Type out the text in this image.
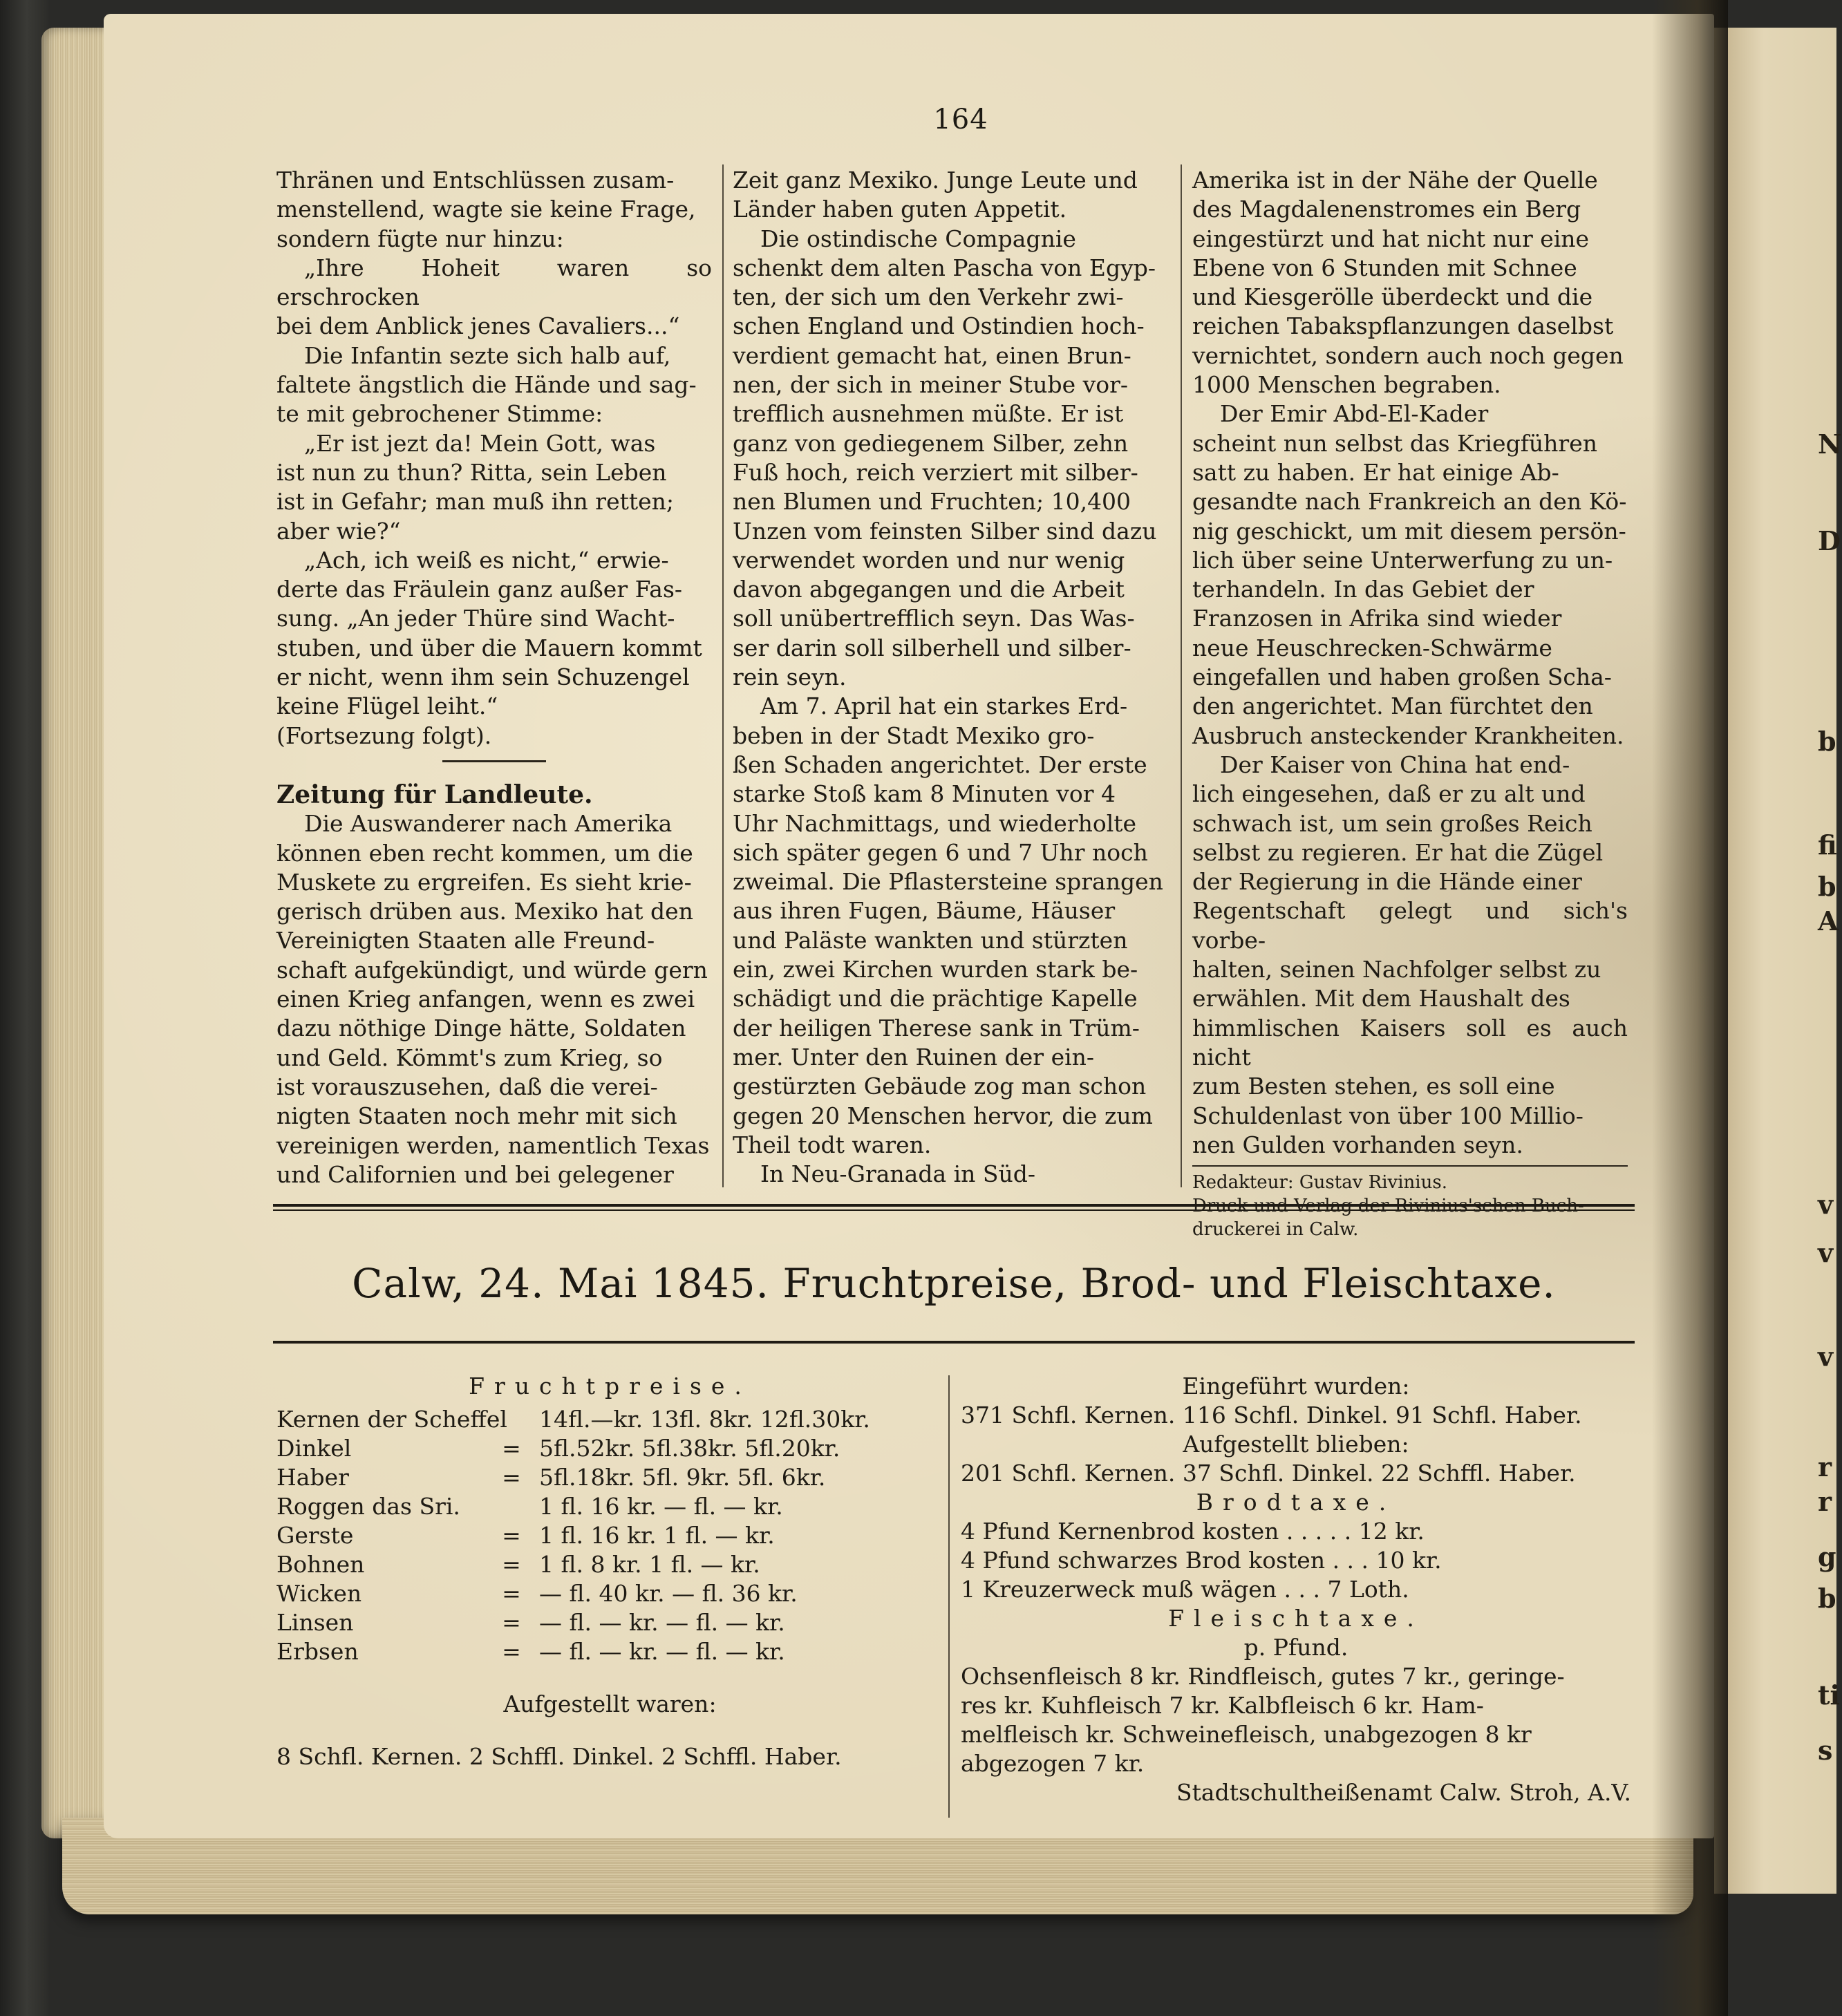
N
D
b
fi
b
A
v
v
v
r
r
g
b
ti
s
164

Thränen und Entschlüssen zusam-

menstellend, wagte sie keine Frage,

sondern fügte nur hinzu:

„Ihre Hoheit waren so erschrocken

bei dem Anblick jenes Cavaliers...“

Die Infantin sezte sich halb auf,

faltete ängstlich die Hände und sag-

te mit gebrochener Stimme:

„Er ist jezt da! Mein Gott, was

ist nun zu thun? Ritta, sein Leben

ist in Gefahr; man muß ihn retten;

aber wie?“

„Ach, ich weiß es nicht,“ erwie-

derte das Fräulein ganz außer Fas-

sung. „An jeder Thüre sind Wacht-

stuben, und über die Mauern kommt

er nicht, wenn ihm sein Schuzengel

keine Flügel leiht.“

(Fortsezung folgt).

Zeitung für Landleute.

Die Auswanderer nach Amerika

können eben recht kommen, um die

Muskete zu ergreifen. Es sieht krie-

gerisch drüben aus. Mexiko hat den

Vereinigten Staaten alle Freund-

schaft aufgekündigt, und würde gern

einen Krieg anfangen, wenn es zwei

dazu nöthige Dinge hätte, Soldaten

und Geld. Kömmt's zum Krieg, so

ist vorauszusehen, daß die verei-

nigten Staaten noch mehr mit sich

vereinigen werden, namentlich Texas

und Californien und bei gelegener

Zeit ganz Mexiko. Junge Leute und

Länder haben guten Appetit.

Die ostindische Compagnie

schenkt dem alten Pascha von Egyp-

ten, der sich um den Verkehr zwi-

schen England und Ostindien hoch-

verdient gemacht hat, einen Brun-

nen, der sich in meiner Stube vor-

trefflich ausnehmen müßte. Er ist

ganz von gediegenem Silber, zehn

Fuß hoch, reich verziert mit silber-

nen Blumen und Fruchten; 10,400

Unzen vom feinsten Silber sind dazu

verwendet worden und nur wenig

davon abgegangen und die Arbeit

soll unübertrefflich seyn. Das Was-

ser darin soll silberhell und silber-

rein seyn.

Am 7. April hat ein starkes Erd-

beben in der Stadt Mexiko gro-

ßen Schaden angerichtet. Der erste

starke Stoß kam 8 Minuten vor 4

Uhr Nachmittags, und wiederholte

sich später gegen 6 und 7 Uhr noch

zweimal. Die Pflastersteine sprangen

aus ihren Fugen, Bäume, Häuser

und Paläste wankten und stürzten

ein, zwei Kirchen wurden stark be-

schädigt und die prächtige Kapelle

der heiligen Therese sank in Trüm-

mer. Unter den Ruinen der ein-

gestürzten Gebäude zog man schon

gegen 20 Menschen hervor, die zum

Theil todt waren.

In Neu-Granada in Süd-

Amerika ist in der Nähe der Quelle

des Magdalenenstromes ein Berg

eingestürzt und hat nicht nur eine

Ebene von 6 Stunden mit Schnee

und Kiesgerölle überdeckt und die

reichen Tabakspflanzungen daselbst

vernichtet, sondern auch noch gegen

1000 Menschen begraben.

Der Emir Abd-El-Kader

scheint nun selbst das Kriegführen

satt zu haben. Er hat einige Ab-

gesandte nach Frankreich an den Kö-

nig geschickt, um mit diesem persön-

lich über seine Unterwerfung zu un-

terhandeln. In das Gebiet der

Franzosen in Afrika sind wieder

neue Heuschrecken-Schwärme

eingefallen und haben großen Scha-

den angerichtet. Man fürchtet den

Ausbruch ansteckender Krankheiten.

Der Kaiser von China hat end-

lich eingesehen, daß er zu alt und

schwach ist, um sein großes Reich

selbst zu regieren. Er hat die Zügel

der Regierung in die Hände einer

Regentschaft gelegt und sich's vorbe-

halten, seinen Nachfolger selbst zu

erwählen. Mit dem Haushalt des

himmlischen Kaisers soll es auch nicht

zum Besten stehen, es soll eine

Schuldenlast von über 100 Millio-

nen Gulden vorhanden seyn.

Redakteur: Gustav Rivinius.

druckerei in Calw.

Calw, 24. Mai 1845. Fruchtpreise, Brod- und Fleischtaxe.

Fruchtpreise.

Kernen der Scheffel 14fl.—kr. 13fl. 8kr. 12fl.30kr.
Dinkel	= 5fl.52kr. 5fl.38kr. 5fl.20kr.
Haber	= 5fl.18kr. 5fl. 9kr. 5fl. 6kr.
Roggen das Sri.	1 fl. 16 kr. — fl. — kr.
Gerste	= 1 fl. 16 kr. 1 fl. — kr.
Bohnen	= 1 fl. 8 kr. 1 fl. — kr.
Wicken	= — fl. 40 kr. — fl. 36 kr.
Linsen	= — fl. — kr. — fl. — kr.
Erbsen	= — fl. — kr. — fl. — kr.

Aufgestellt waren:

8 Schfl. Kernen. 2 Schffl. Dinkel. 2 Schffl. Haber.

Eingeführt wurden:

371 Schfl. Kernen. 116 Schfl. Dinkel. 91 Schfl. Haber.

Aufgestellt blieben:

201 Schfl. Kernen. 37 Schfl. Dinkel. 22 Schffl. Haber.

Brodtaxe.

4 Pfund Kernenbrod kosten . . . . . 12 kr.

4 Pfund schwarzes Brod kosten . . . 10 kr.

1 Kreuzerweck muß wägen . . . 7 Loth.

Fleischtaxe.

p. Pfund.

Ochsenfleisch 8 kr. Rindfleisch, gutes 7 kr., geringe-

res kr. Kuhfleisch 7 kr. Kalbfleisch 6 kr. Ham-

melfleisch kr. Schweinefleisch, unabgezogen 8 kr

abgezogen 7 kr.

Stadtschultheißenamt Calw. Stroh, A.V.
